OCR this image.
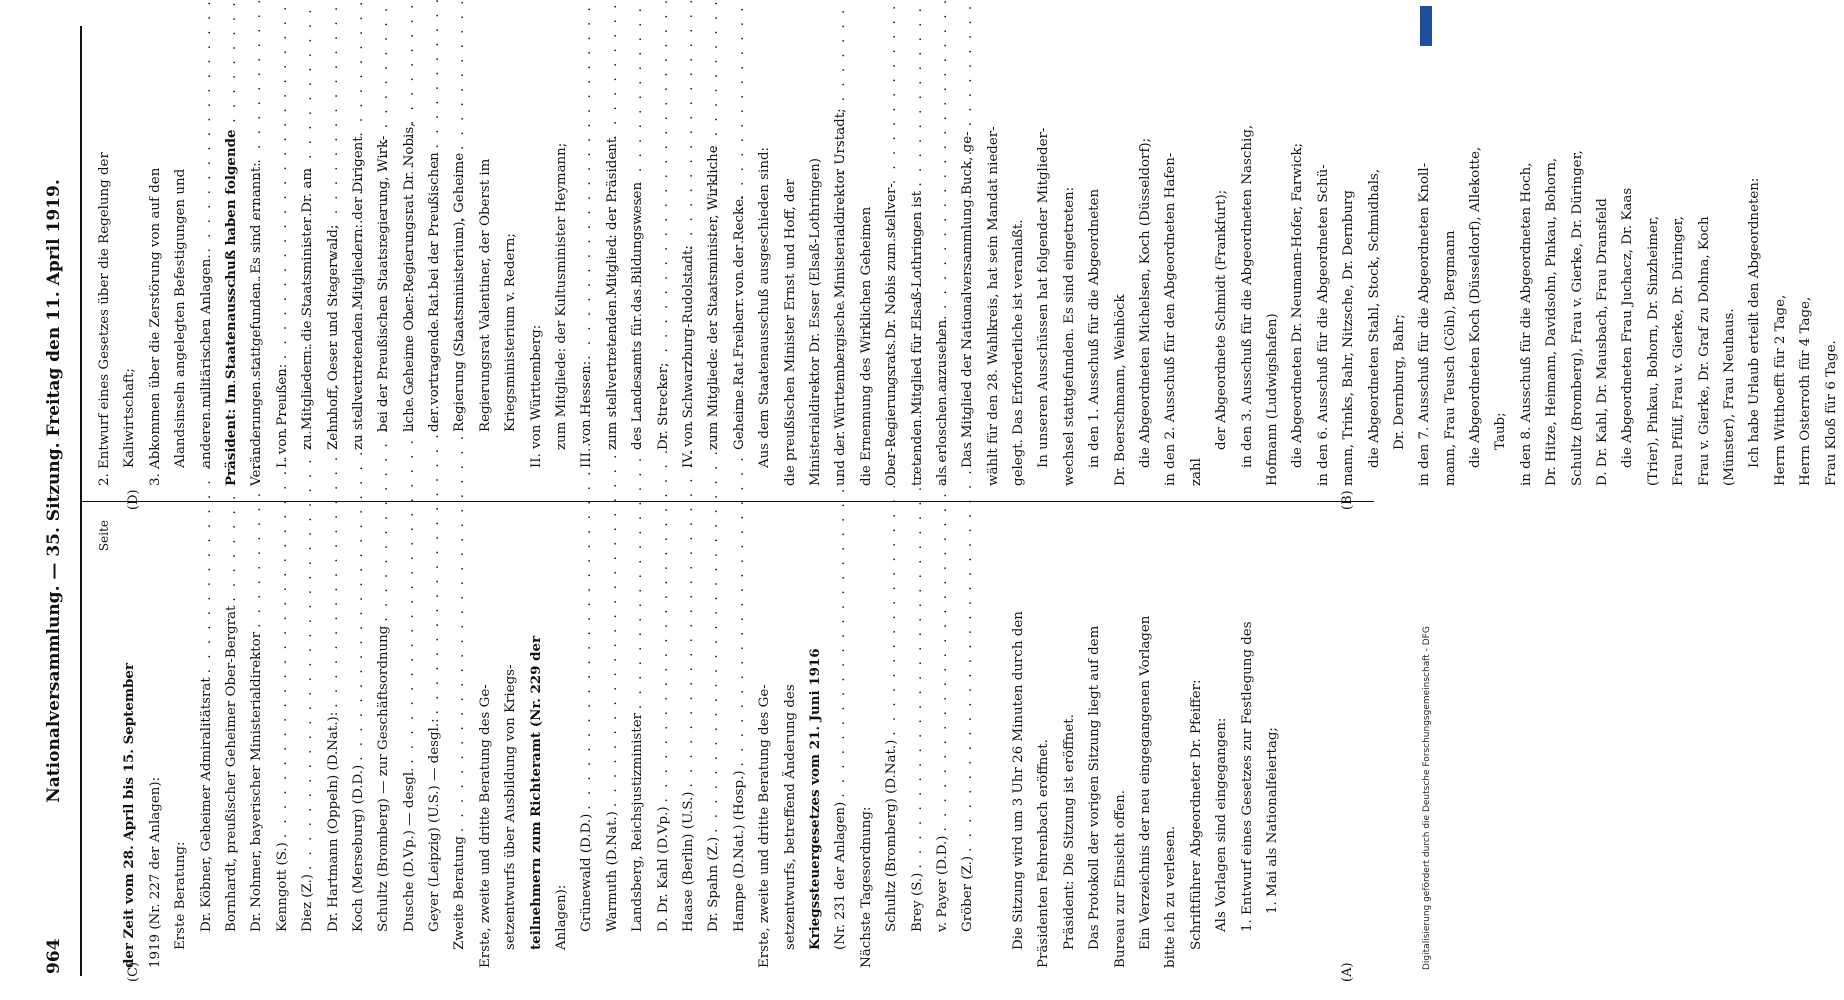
964
Nationalversammlung. — 35. Sitzung. Freitag den 11. April 1919.
(A)
(B)
(C)
(D)
Seite
der Zeit vom 28. April bis 15. September 1919 (Nr. 227 der Anlagen): Erste Beratung: Dr. Köbner, Geheimer Admiralitätsrat
. . . Bornhardt, preußischer Geheimer Ober-Bergrat
. . . Dr. Nohmer, bayerischer Ministerialdirektor
. . . Kenngott (S.)
. . . Diez (Z.) . . . Dr. Hartmann (Oppeln) (D.Nat.):
. . . Koch (Merseburg) (D.D.)
. . . Schultz (Bromberg) — zur Geschäftsordnung
. . . Dusche (D.Vp.) — desgl.
. . . Geyer (Leipzig) (U.S.) — desgl.:
. . . Zweite Beratung . . . Erste, zweite und dritte Beratung des Ge- setzentwurfs über Ausbildung von Kriegs- teilnehmern zum Richteramt (Nr. 229 der Anlagen): Grünewald (D.D.)
. . . Warmuth (D.Nat.)
. . . Landsberg, Reichsjustizminister
. . . D. Dr. Kahl (D.Vp.)
. . . Haase (Berlin) (U.S.)
. . . Dr. Spahn (Z.)
. . . Hampe (D.Nat.) (Hosp.)
. . . Erste, zweite und dritte Beratung des Ge- setzentwurfs, betreffend Änderung des Kriegssteuergesetzes vom 21. Juni 1916 (Nr. 231 der Anlagen)
. . . Nächste Tagesordnung: Schultz (Bromberg) (D.Nat.)
. . . Brey (S.)
. . . v. Payer (D.D.)
. . . Gröber (Z.) . . .	Die Sitzung wird um 3 Uhr 26 Minuten durch den Präsidenten Fehrenbach eröffnet. Präsident: Die Sitzung ist eröffnet. Das Protokoll der vorigen Sitzung liegt auf dem Bureau zur Einsicht offen. Ein Verzeichnis der neu eingegangenen Vorlagen bitte ich zu verlesen. Schriftführer Abgeordneter Dr. Pfeiffer: Als Vorlagen sind eingegangen: 1. Entwurf eines Gesetzes zur Festlegung des 1. Mai als Nationalfeiertag;
2. Entwurf eines Gesetzes über die Regelung der Kaliwirtschaft; 3. Abkommen über die Zerstörung von auf den Alandsinseln angelegten Befestigungen und anderen militärischen Anlagen. Präsident: Im Staatenausschuß haben folgende Veränderungen stattgefunden. Es sind ernannt: I. von Preußen: zu Mitgliedern: die Staatsminister Dr. am Zehnhoff, Oeser und Stegerwald; zu stellvertretenden Mitgliedern: der Dirigent bei der Preußischen Staatsregierung, Wirk- liche Geheime Ober-Regierungsrat Dr. Nobis, der vortragende Rat bei der Preußischen Regierung (Staatsministerium), Geheime Regierungsrat Valentiner, der Oberst im Kriegsministerium v. Redern; II. von Württemberg: zum Mitgliede: der Kultusminister Heymann; III. von Hessen: zum stellvertretenden Mitglied: der Präsident des Landesamts für das Bildungswesen Dr. Strecker; IV. von Schwarzburg-Rudolstadt: zum Mitgliede: der Staatsminister, Wirkliche Geheime Rat Freiherr von der Recke. Aus dem Staatenausschuß ausgeschieden sind: die preußischen Minister Ernst und Hoff, der Ministerialdirektor Dr. Esser (Elsaß-Lothringen) und der Württembergische Ministerialdirektor Urstadt; die Ernennung des Wirklichen Geheimen Ober-Regierungsrats Dr. Nobis zum stellver- tretenden Mitglied für Elsaß-Lothringen ist als erloschen anzusehen. Das Mitglied der Nationalversammlung Buck, ge- wählt für den 28. Wahlkreis, hat sein Mandat nieder- gelegt. Das Erforderliche ist veranlaßt. In unseren Ausschüssen hat folgender Mitglieder- wechsel stattgefunden. Es sind eingetreten: in den 1. Ausschuß für die Abgeordneten Dr. Boerschmann, Weinhöck die Abgeordneten Michelsen, Koch (Düsseldorf); in den 2. Ausschuß für den Abgeordneten Hafen- zahl
der Abgeordnete Schmidt (Frankfurt); in den 3. Ausschuß für die Abgeordneten Naschig, Hofmann (Ludwigshafen) die Abgeordneten Dr. Neumann-Hofer, Farwick; in den 6. Ausschuß für die Abgeordneten Schü- mann, Trinks, Bahr, Nitzsche, Dr. Dernburg die Abgeordneten Stahl, Stock, Schmidhals, Dr. Dernburg, Bahr; in den 7. Ausschuß für die Abgeordneten Knoll- mann, Frau Teusch (Cöln), Bergmann die Abgeordneten Koch (Düsseldorf), Allekotte, Taub; in den 8. Ausschuß für die Abgeordneten Hoch, Dr. Hitze, Heimann, Davidsohn, Pinkau, Bohorn, Schultz (Bromberg), Frau v. Gierke, Dr. Düringer, D. Dr. Kahl, Dr. Mausbach, Frau Dransfeld die Abgeordneten Frau Juchacz, Dr. Kaas (Trier), Pinkau, Bohorn, Dr. Sinzheimer, Frau Pfülf, Frau v. Gierke, Dr. Düringer, Frau v. Gierke, Dr. Graf zu Dohna, Koch (Münster), Frau Neuhaus. Ich habe Urlaub erteilt den Abgeordneten: Herrn Witthoefft für 2 Tage, Herrn Osterroth für 4 Tage, Frau Kloß für 6 Tage.
Digitalisierung gefördert durch die Deutsche Forschungsgemeinschaft - DFG
